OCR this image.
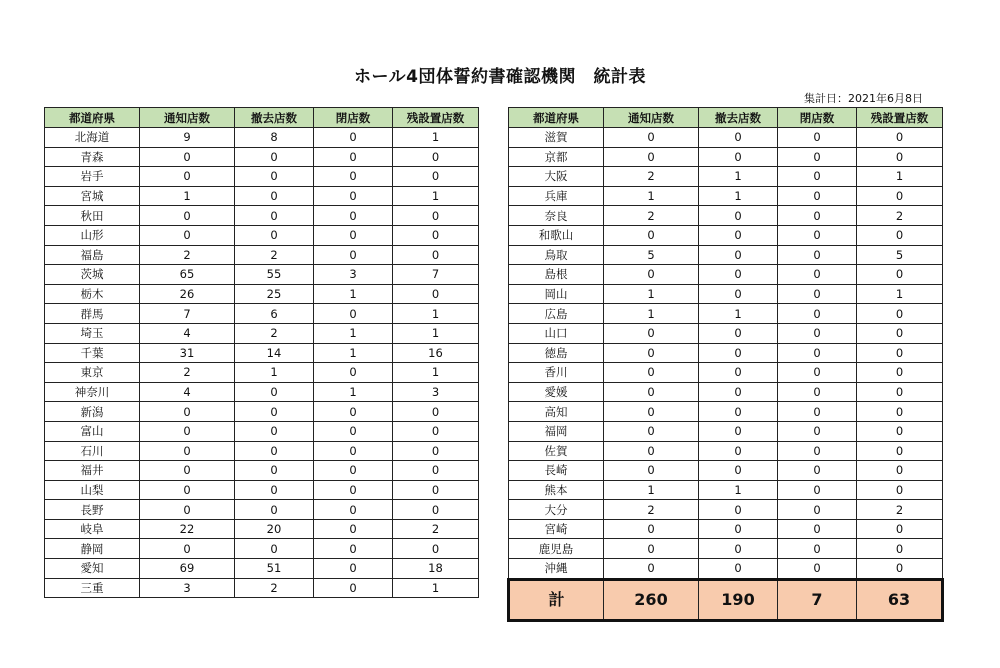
ホール4団体誓約書確認機関　統計表
集計日：2021年6月8日
都道府県	通知店数	撤去店数	閉店数	残設置店数
北海道	9	8	0	1
青森	0	0	0	0
岩手	0	0	0	0
宮城	1	0	0	1
秋田	0	0	0	0
山形	0	0	0	0
福島	2	2	0	0
茨城	65	55	3	7
栃木	26	25	1	0
群馬	7	6	0	1
埼玉	4	2	1	1
千葉	31	14	1	16
東京	2	1	0	1
神奈川	4	0	1	3
新潟	0	0	0	0
富山	0	0	0	0
石川	0	0	0	0
福井	0	0	0	0
山梨	0	0	0	0
長野	0	0	0	0
岐阜	22	20	0	2
静岡	0	0	0	0
愛知	69	51	0	18
三重	3	2	0	1
都道府県	通知店数	撤去店数	閉店数	残設置店数
滋賀	0	0	0	0
京都	0	0	0	0
大阪	2	1	0	1
兵庫	1	1	0	0
奈良	2	0	0	2
和歌山	0	0	0	0
鳥取	5	0	0	5
島根	0	0	0	0
岡山	1	0	0	1
広島	1	1	0	0
山口	0	0	0	0
徳島	0	0	0	0
香川	0	0	0	0
愛媛	0	0	0	0
高知	0	0	0	0
福岡	0	0	0	0
佐賀	0	0	0	0
長崎	0	0	0	0
熊本	1	1	0	0
大分	2	0	0	2
宮崎	0	0	0	0
鹿児島	0	0	0	0
沖縄	0	0	0	0
計	260	190	7	63
